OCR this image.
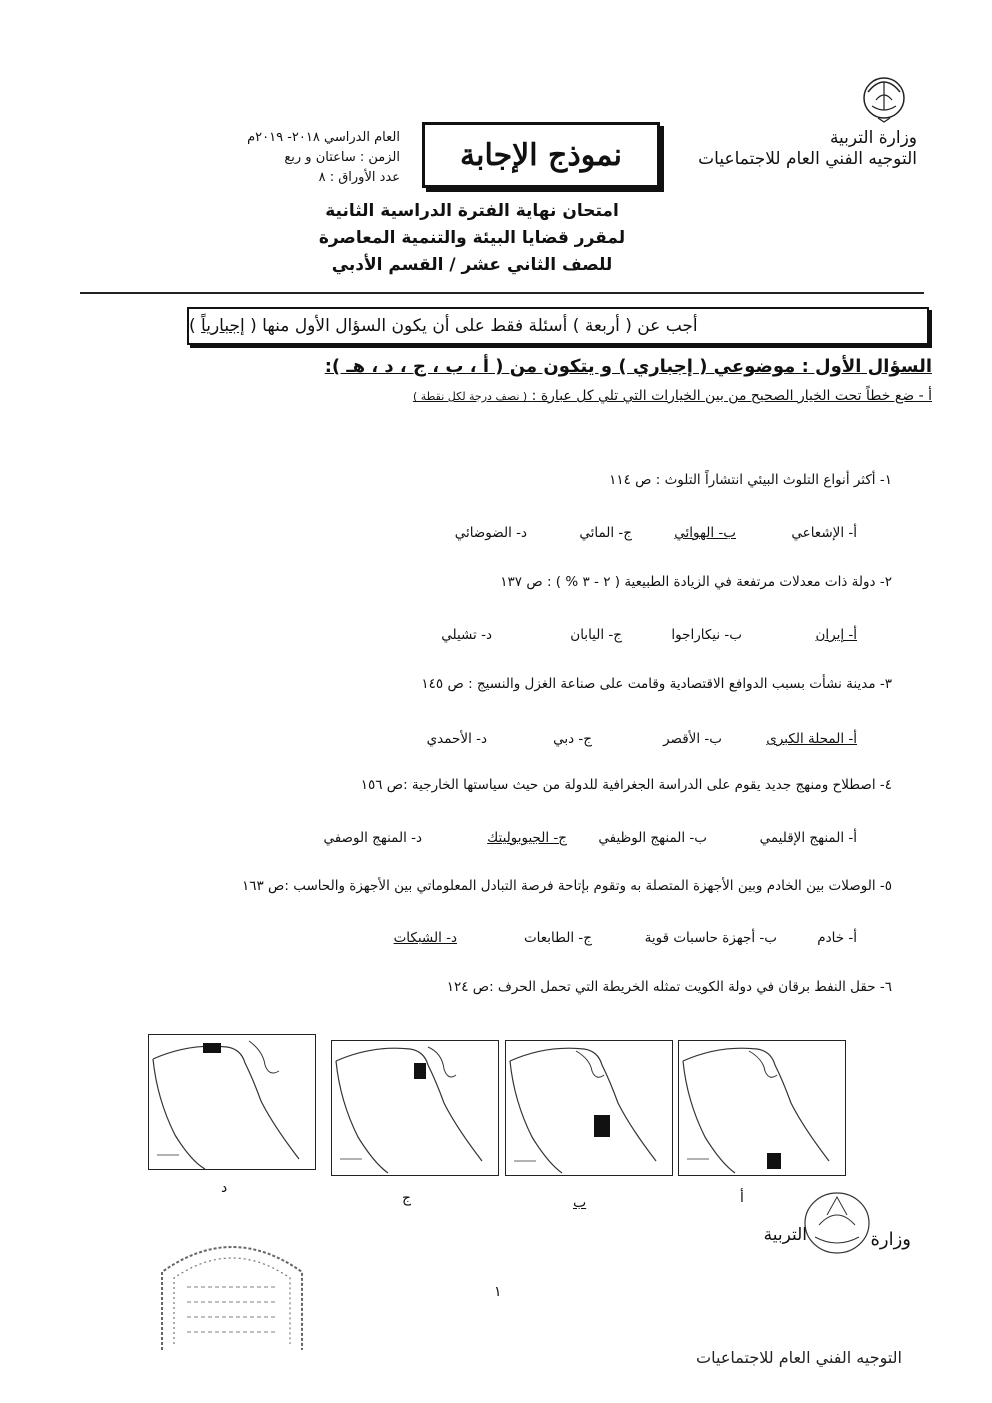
وزارة التربية
التوجيه الفني العام للاجتماعيات
نموذج الإجابة
العام الدراسي ٢٠١٨- ٢٠١٩م
الزمن : ساعتان و ربع
عدد الأوراق : ٨
امتحان نهاية الفترة الدراسية الثانية
لمقرر قضايا البيئة والتنمية المعاصرة
للصف الثاني عشر / القسم الأدبي
أجب عن ( أربعة ) أسئلة فقط على أن يكون السؤال الأول منها ( إجبارياً )
السؤال الأول : موضوعي ( إجباري ) و يتكون من ( أ ، ب ، ج ، د ، هـ ):
أ - ضع خطاً تحت الخيار الصحيح من بين الخيارات التي تلي كل عبارة : ( نصف درجة لكل نقطة )
١- أكثر أنواع التلوث البيئي انتشاراً التلوث : ص ١١٤
أ- الإشعاعي
ب- الهوائي
ج- المائي
د- الضوضائي
٢- دولة ذات معدلات مرتفعة في الزيادة الطبيعية ( ٢ - ٣ % ) : ص ١٣٧
أ- إيران
ب- نيكاراجوا
ج- اليابان
د- تشيلي
٣- مدينة نشأت بسبب الدوافع الاقتصادية وقامت على صناعة الغزل والنسيج : ص ١٤٥
أ- المحلة الكبرى
ب- الأقصر
ج- دبي
د- الأحمدي
٤- اصطلاح ومنهج جديد يقوم على الدراسة الجغرافية للدولة من حيث سياستها الخارجية :ص ١٥٦
أ- المنهج الإقليمي
ب- المنهج الوظيفي
ج- الجيوبوليتك
د- المنهج الوصفي
٥- الوصلات بين الخادم وبين الأجهزة المتصلة به وتقوم بإتاحة فرصة التبادل المعلوماتي بين الأجهزة والحاسب :ص ١٦٣
أ- خادم
ب- أجهزة حاسبات قوية
ج- الطابعات
د- الشبكات
٦- حقل النفط برقان في دولة الكويت تمثله الخريطة التي تحمل الحرف :ص ١٢٤
أ
ب
ج
د
وزارة
التربية
١
التوجيه الفني العام للاجتماعيات
